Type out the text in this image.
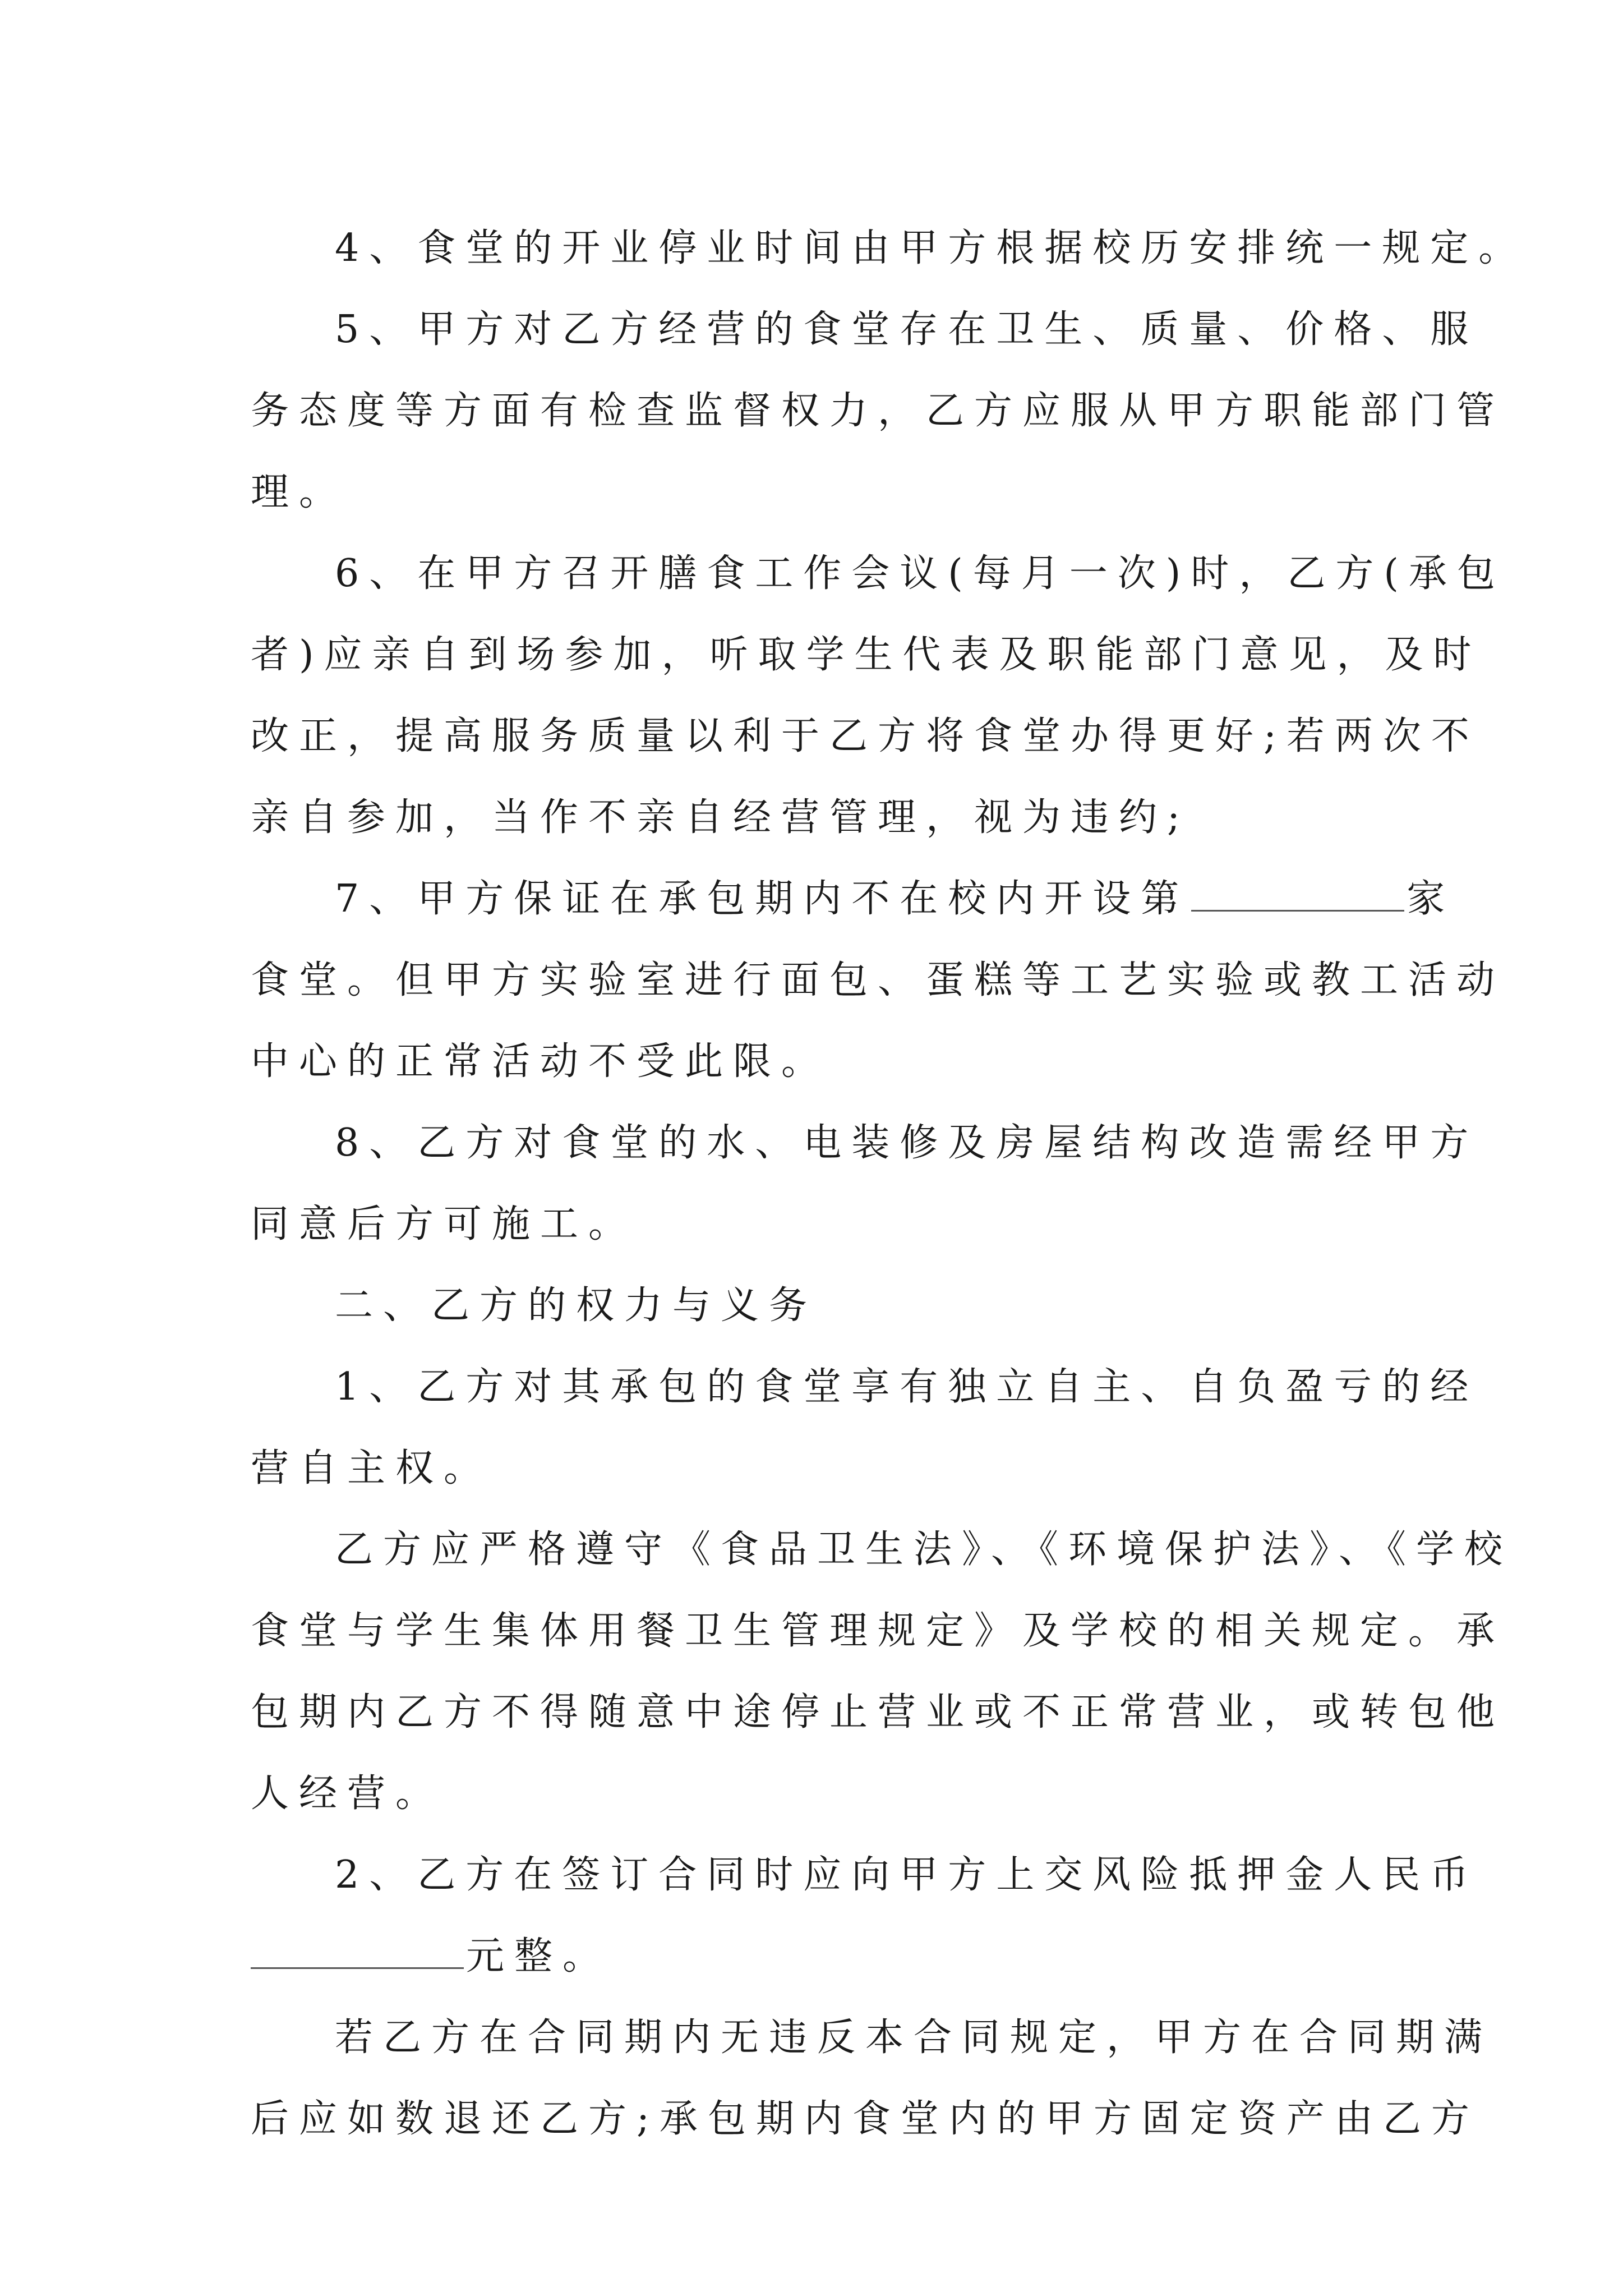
4、食堂的开业停业时间由甲方根据校历安排统一规定。

5、甲方对乙方经营的食堂存在卫生、质量、价格、服

务态度等方面有检查监督权力，乙方应服从甲方职能部门管

理。

6、在甲方召开膳食工作会议(每月一次)时，乙方(承包

者)应亲自到场参加，听取学生代表及职能部门意见，及时

改正，提高服务质量以利于乙方将食堂办得更好;若两次不

亲自参加，当作不亲自经营管理，视为违约;

7、甲方保证在承包期内不在校内开设第	家

食堂。但甲方实验室进行面包、蛋糕等工艺实验或教工活动

中心的正常活动不受此限。

8、乙方对食堂的水、电装修及房屋结构改造需经甲方

同意后方可施工。

二、乙方的权力与义务

1、乙方对其承包的食堂享有独立自主、自负盈亏的经

营自主权。

乙方应严格遵守《食品卫生法》、《环境保护法》、《学校

食堂与学生集体用餐卫生管理规定》及学校的相关规定。承

包期内乙方不得随意中途停止营业或不正常营业，或转包他

人经营。

2、乙方在签订合同时应向甲方上交风险抵押金人民币

元整。

若乙方在合同期内无违反本合同规定，甲方在合同期满

后应如数退还乙方;承包期内食堂内的甲方固定资产由乙方
